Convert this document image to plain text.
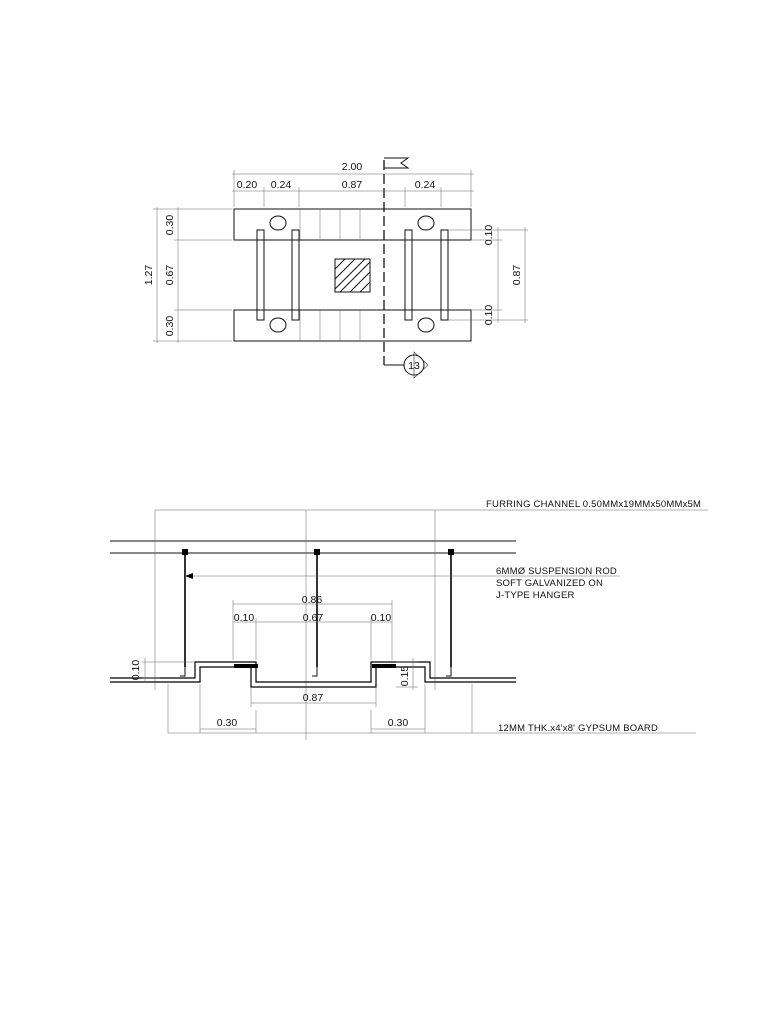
13
2.00
0.20 0.24	0.87	0.24
1.27
0.30
0.67
0.30
0.10
0.87
0.10
FURRING CHANNEL 0.50MMx19MMx50MMx5M
6MMØ SUSPENSION ROD
SOFT GALVANIZED ON
J-TYPE HANGER
0.86
0.10	0.67	0.10
0.10	0.15
0.87
0.30	0.30	12MM THK.x4'x8' GYPSUM BOARD
